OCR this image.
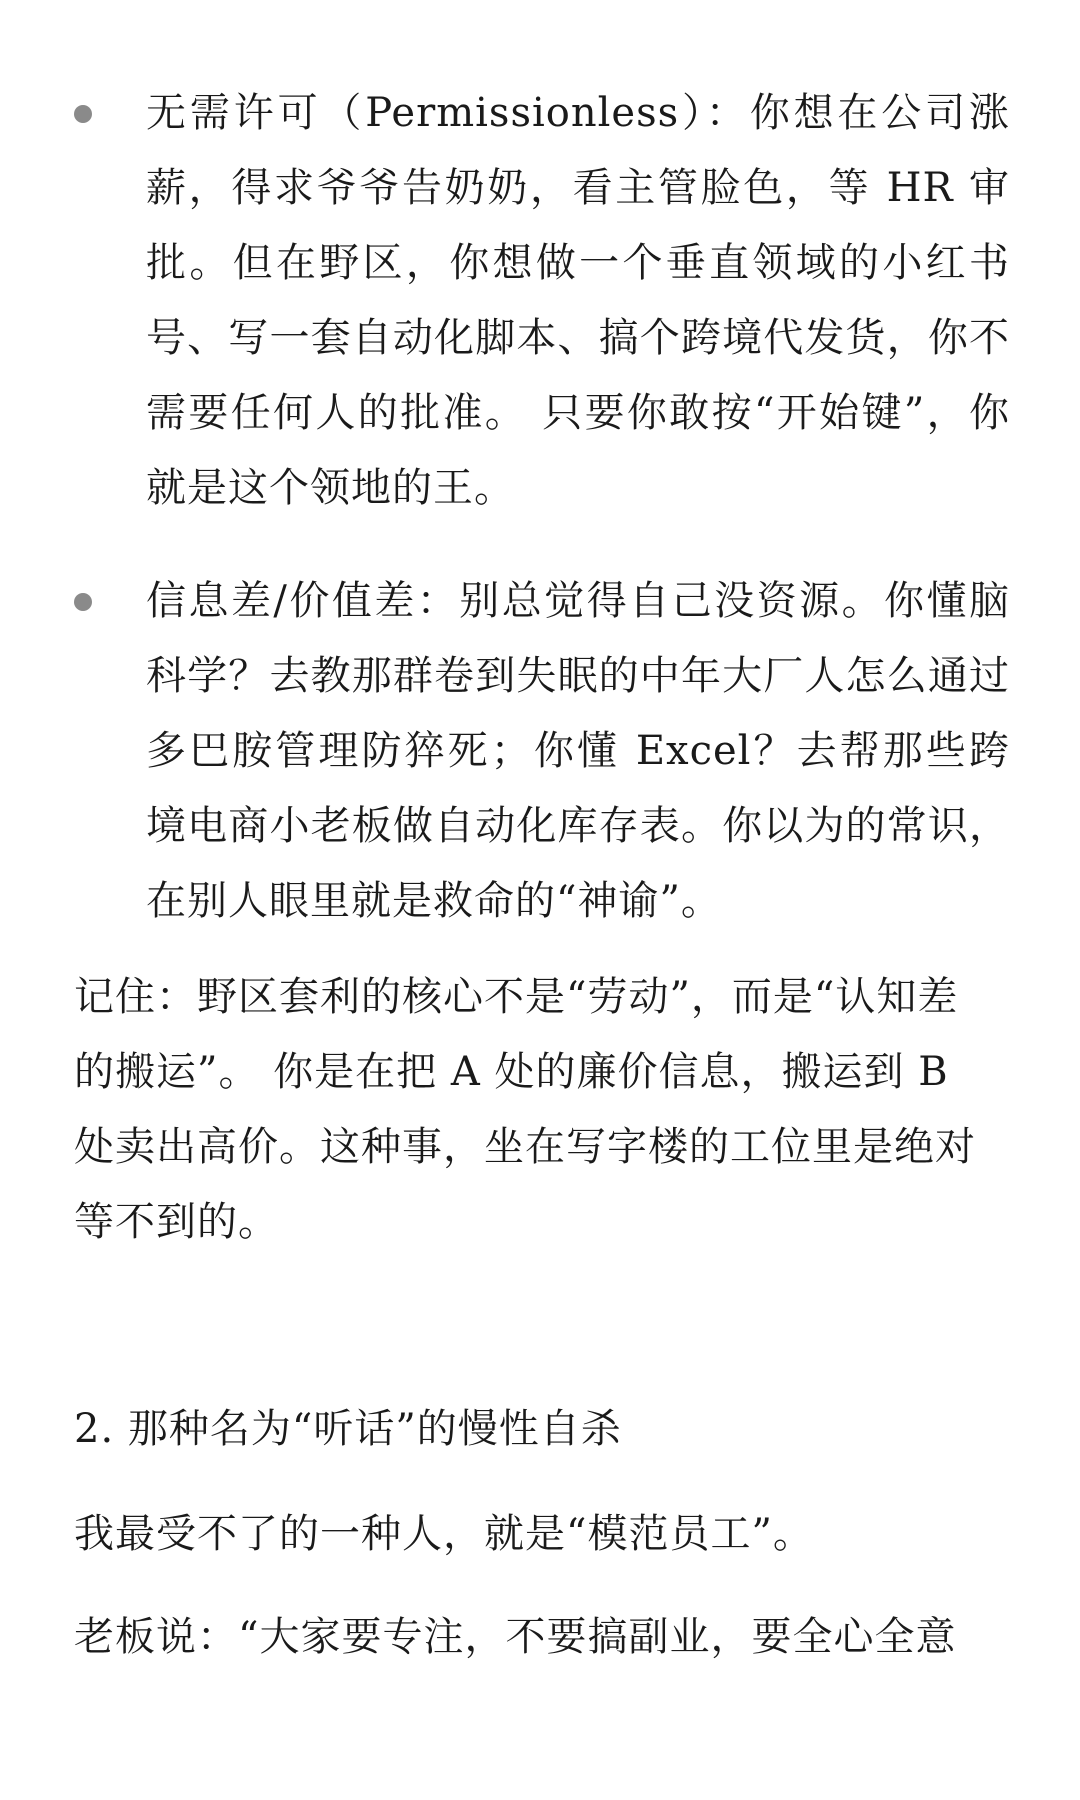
无需许可（Permissionless）：你想在公司涨薪，得求爷爷告奶奶，看主管脸色，等 HR 审批。但在野区，你想做一个垂直领域的小红书号、写一套自动化脚本、搞个跨境代发货，你不需要任何人的批准。 只要你敢按“开始键”，你就是这个领地的王。
信息差/价值差：别总觉得自己没资源。你懂脑科学？去教那群卷到失眠的中年大厂人怎么通过多巴胺管理防猝死；你懂 Excel？去帮那些跨境电商小老板做自动化库存表。你以为的常识，在别人眼里就是救命的“神谕”。

记住：野区套利的核心不是“劳动”，而是“认知差的搬运”。 你是在把 A 处的廉价信息，搬运到 B 处卖出高价。这种事，坐在写字楼的工位里是绝对等不到的。

2. 那种名为“听话”的慢性自杀

我最受不了的一种人，就是“模范员工”。

老板说：“大家要专注，不要搞副业，要全心全意
